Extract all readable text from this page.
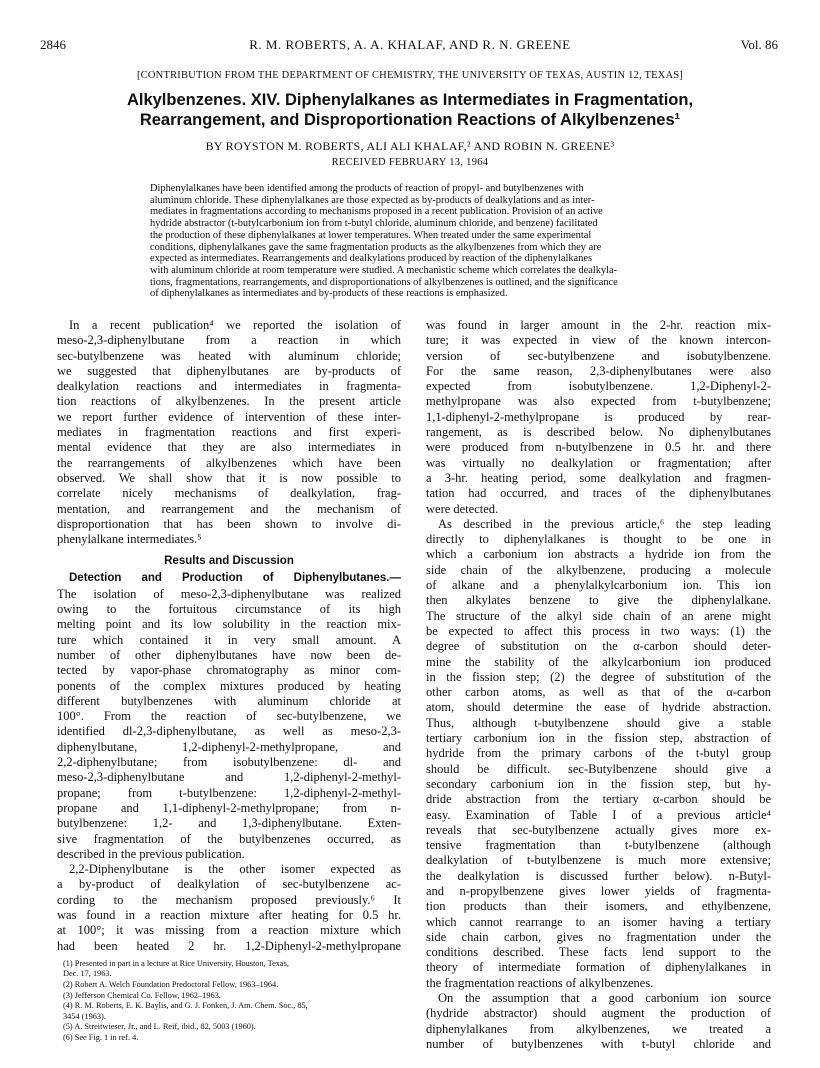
2846	R. M. ROBERTS, A. A. KHALAF, AND R. N. GREENE	Vol. 86
[CONTRIBUTION FROM THE DEPARTMENT OF CHEMISTRY, THE UNIVERSITY OF TEXAS, AUSTIN 12, TEXAS]
Alkylbenzenes. XIV. Diphenylalkanes as Intermediates in Fragmentation,
Rearrangement, and Disproportionation Reactions of Alkylbenzenes¹
BY ROYSTON M. ROBERTS, ALI ALI KHALAF,² AND ROBIN N. GREENE³
RECEIVED FEBRUARY 13, 1964
Diphenylalkanes have been identified among the products of reaction of propyl- and butylbenzenes with
aluminum chloride. These diphenylalkanes are those expected as by-products of dealkylations and as inter-
mediates in fragmentations according to mechanisms proposed in a recent publication. Provision of an active
hydride abstractor (t-butylcarbonium ion from t-butyl chloride, aluminum chloride, and benzene) facilitated
the production of these diphenylalkanes at lower temperatures. When treated under the same experimental
conditions, diphenylalkanes gave the same fragmentation products as the alkylbenzenes from which they are
expected as intermediates. Rearrangements and dealkylations produced by reaction of the diphenylalkanes
with aluminum chloride at room temperature were studied. A mechanistic scheme which correlates the dealkyla-
tions, fragmentations, rearrangements, and disproportionations of alkylbenzenes is outlined, and the significance
of diphenylalkanes as intermediates and by-products of these reactions is emphasized.
In a recent publication⁴ we reported the isolation of
meso-2,3-diphenylbutane from a reaction in which
sec-butylbenzene was heated with aluminum chloride;
we suggested that diphenylbutanes are by-products of
dealkylation reactions and intermediates in fragmenta-
tion reactions of alkylbenzenes. In the present article
we report further evidence of intervention of these inter-
mediates in fragmentation reactions and first experi-
mental evidence that they are also intermediates in
the rearrangements of alkylbenzenes which have been
observed. We shall show that it is now possible to
correlate nicely mechanisms of dealkylation, frag-
mentation, and rearrangement and the mechanism of
disproportionation that has been shown to involve di-
phenylalkane intermediates.⁵
Results and Discussion
Detection and Production of Diphenylbutanes.—
The isolation of meso-2,3-diphenylbutane was realized
owing to the fortuitous circumstance of its high
melting point and its low solubility in the reaction mix-
ture which contained it in very small amount. A
number of other diphenylbutanes have now been de-
tected by vapor-phase chromatography as minor com-
ponents of the complex mixtures produced by heating
different butylbenzenes with aluminum chloride at
100°. From the reaction of sec-butylbenzene, we
identified dl-2,3-diphenylbutane, as well as meso-2,3-
diphenylbutane, 1,2-diphenyl-2-methylpropane, and
2,2-diphenylbutane; from isobutylbenzene: dl- and
meso-2,3-diphenylbutane and 1,2-diphenyl-2-methyl-
propane; from t-butylbenzene: 1,2-diphenyl-2-methyl-
propane and 1,1-diphenyl-2-methylpropane; from n-
butylbenzene: 1,2- and 1,3-diphenylbutane. Exten-
sive fragmentation of the butylbenzenes occurred, as
described in the previous publication.
2,2-Diphenylbutane is the other isomer expected as
a by-product of dealkylation of sec-butylbenzene ac-
cording to the mechanism proposed previously.⁶ It
was found in a reaction mixture after heating for 0.5 hr.
at 100°; it was missing from a reaction mixture which
had been heated 2 hr. 1,2-Diphenyl-2-methylpropane
(1) Presented in part in a lecture at Rice University, Houston, Texas,
Dec. 17, 1963.
(2) Robert A. Welch Foundation Predoctoral Fellow, 1963–1964.
(3) Jefferson Chemical Co. Fellow, 1962–1963.
(4) R. M. Roberts, E. K. Baylis, and G. J. Fonken, J. Am. Chem. Soc., 85,
3454 (1963).
(5) A. Streitwieser, Jr., and L. Reif, ibid., 82, 5003 (1960).
(6) See Fig. 1 in ref. 4.
was found in larger amount in the 2-hr. reaction mix-
ture; it was expected in view of the known intercon-
version of sec-butylbenzene and isobutylbenzene.
For the same reason, 2,3-diphenylbutanes were also
expected from isobutylbenzene. 1,2-Diphenyl-2-
methylpropane was also expected from t-butylbenzene;
1,1-diphenyl-2-methylpropane is produced by rear-
rangement, as is described below. No diphenylbutanes
were produced from n-butylbenzene in 0.5 hr. and there
was virtually no dealkylation or fragmentation; after
a 3-hr. heating period, some dealkylation and fragmen-
tation had occurred, and traces of the diphenylbutanes
were detected.
As described in the previous article,⁶ the step leading
directly to diphenylalkanes is thought to be one in
which a carbonium ion abstracts a hydride ion from the
side chain of the alkylbenzene, producing a molecule
of alkane and a phenylalkylcarbonium ion. This ion
then alkylates benzene to give the diphenylalkane.
The structure of the alkyl side chain of an arene might
be expected to affect this process in two ways: (1) the
degree of substitution on the α-carbon should deter-
mine the stability of the alkylcarbonium ion produced
in the fission step; (2) the degree of substitution of the
other carbon atoms, as well as that of the α-carbon
atom, should determine the ease of hydride abstraction.
Thus, although t-butylbenzene should give a stable
tertiary carbonium ion in the fission step, abstraction of
hydride from the primary carbons of the t-butyl group
should be difficult. sec-Butylbenzene should give a
secondary carbonium ion in the fission step, but hy-
dride abstraction from the tertiary α-carbon should be
easy. Examination of Table I of a previous article⁴
reveals that sec-butylbenzene actually gives more ex-
tensive fragmentation than t-butylbenzene (although
dealkylation of t-butylbenzene is much more extensive;
the dealkylation is discussed further below). n-Butyl-
and n-propylbenzene gives lower yields of fragmenta-
tion products than their isomers, and ethylbenzene,
which cannot rearrange to an isomer having a tertiary
side chain carbon, gives no fragmentation under the
conditions described. These facts lend support to the
theory of intermediate formation of diphenylalkanes in
the fragmentation reactions of alkylbenzenes.
On the assumption that a good carbonium ion source
(hydride abstractor) should augment the production of
diphenylalkanes from alkylbenzenes, we treated a
number of butylbenzenes with t-butyl chloride and
